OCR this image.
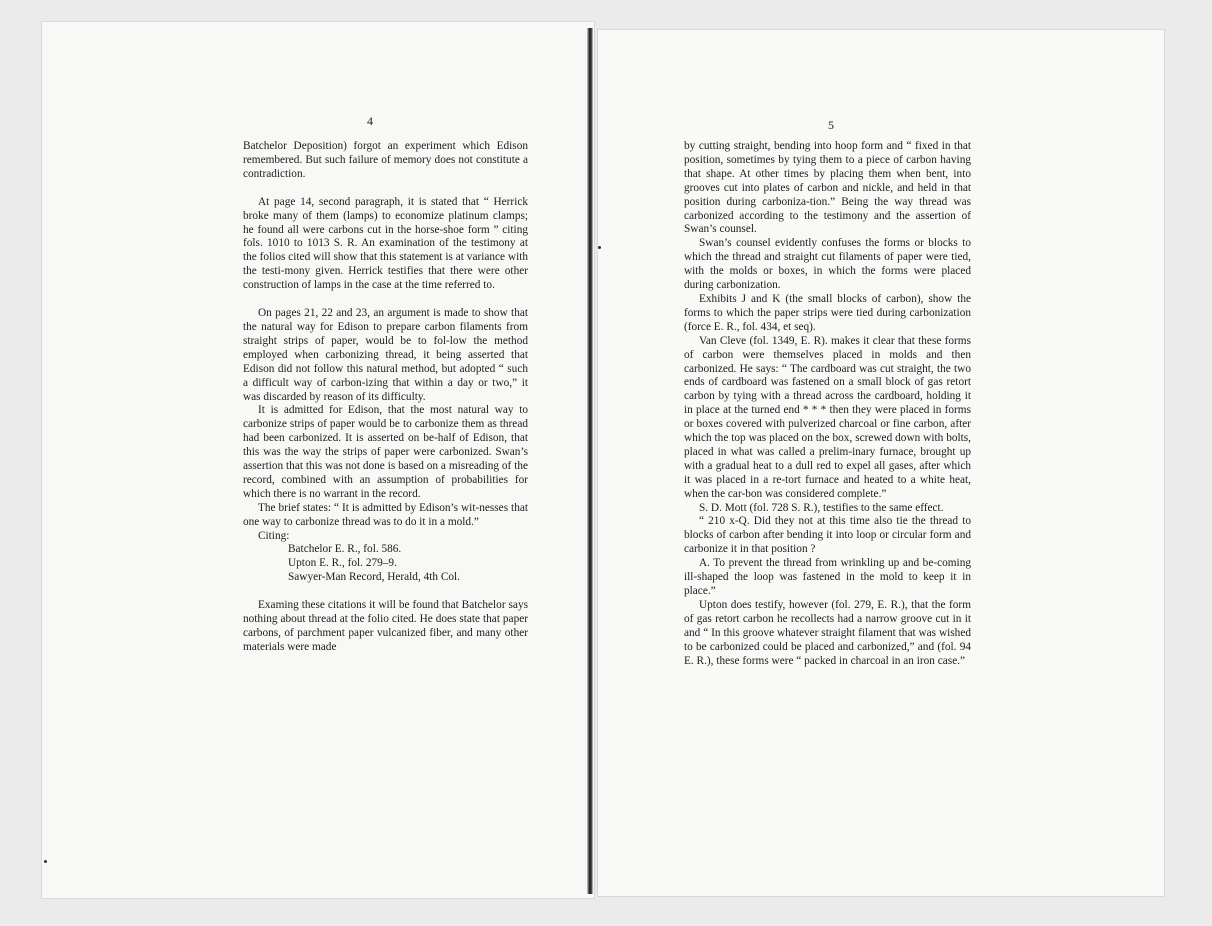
4

Batchelor Deposition) forgot an experiment which Edison remembered. But such failure of memory does not constitute a contradiction.

At page 14, second paragraph, it is stated that “ Herrick broke many of them (lamps) to economize platinum clamps; he found all were carbons cut in the horse-shoe form ” citing fols. 1010 to 1013 S. R. An examination of the testimony at the folios cited will show that this statement is at variance with the testi-mony given. Herrick testifies that there were other construction of lamps in the case at the time referred to.

On pages 21, 22 and 23, an argument is made to show that the natural way for Edison to prepare carbon filaments from straight strips of paper, would be to fol-low the method employed when carbonizing thread, it being asserted that Edison did not follow this natural method, but adopted “ such a difficult way of carbon-izing that within a day or two,” it was discarded by reason of its difficulty.

It is admitted for Edison, that the most natural way to carbonize strips of paper would be to carbonize them as thread had been carbonized. It is asserted on be-half of Edison, that this was the way the strips of paper were carbonized. Swan’s assertion that this was not done is based on a misreading of the record, combined with an assumption of probabilities for which there is no warrant in the record.

The brief states: “ It is admitted by Edison’s wit-nesses that one way to carbonize thread was to do it in a mold.”

Citing:

Batchelor E. R., fol. 586.

Upton E. R., fol. 279–9.

Sawyer-Man Record, Herald, 4th Col.

Examing these citations it will be found that Batchelor says nothing about thread at the folio cited. He does state that paper carbons, of parchment paper vulcanized fiber, and many other materials were made

5

by cutting straight, bending into hoop form and “ fixed in that position, sometimes by tying them to a piece of carbon having that shape. At other times by placing them when bent, into grooves cut into plates of carbon and nickle, and held in that position during carboniza-tion.” Being the way thread was carbonized according to the testimony and the assertion of Swan’s counsel.

Swan’s counsel evidently confuses the forms or blocks to which the thread and straight cut filaments of paper were tied, with the molds or boxes, in which the forms were placed during carbonization.

Exhibits J and K (the small blocks of carbon), show the forms to which the paper strips were tied during carbonization (force E. R., fol. 434, et seq).

Van Cleve (fol. 1349, E. R). makes it clear that these forms of carbon were themselves placed in molds and then carbonized. He says: “ The cardboard was cut straight, the two ends of cardboard was fastened on a small block of gas retort carbon by tying with a thread across the cardboard, holding it in place at the turned end * * * then they were placed in forms or boxes covered with pulverized charcoal or fine carbon, after which the top was placed on the box, screwed down with bolts, placed in what was called a prelim-inary furnace, brought up with a gradual heat to a dull red to expel all gases, after which it was placed in a re-tort furnace and heated to a white heat, when the car-bon was considered complete.”

S. D. Mott (fol. 728 S. R.), testifies to the same effect.

“ 210 x-Q. Did they not at this time also tie the thread to blocks of carbon after bending it into loop or circular form and carbonize it in that position ?

A. To prevent the thread from wrinkling up and be-coming ill-shaped the loop was fastened in the mold to keep it in place.”

Upton does testify, however (fol. 279, E. R.), that the form of gas retort carbon he recollects had a narrow groove cut in it and “ In this groove whatever straight filament that was wished to be carbonized could be placed and carbonized,” and (fol. 94 E. R.), these forms were “ packed in charcoal in an iron case.”
